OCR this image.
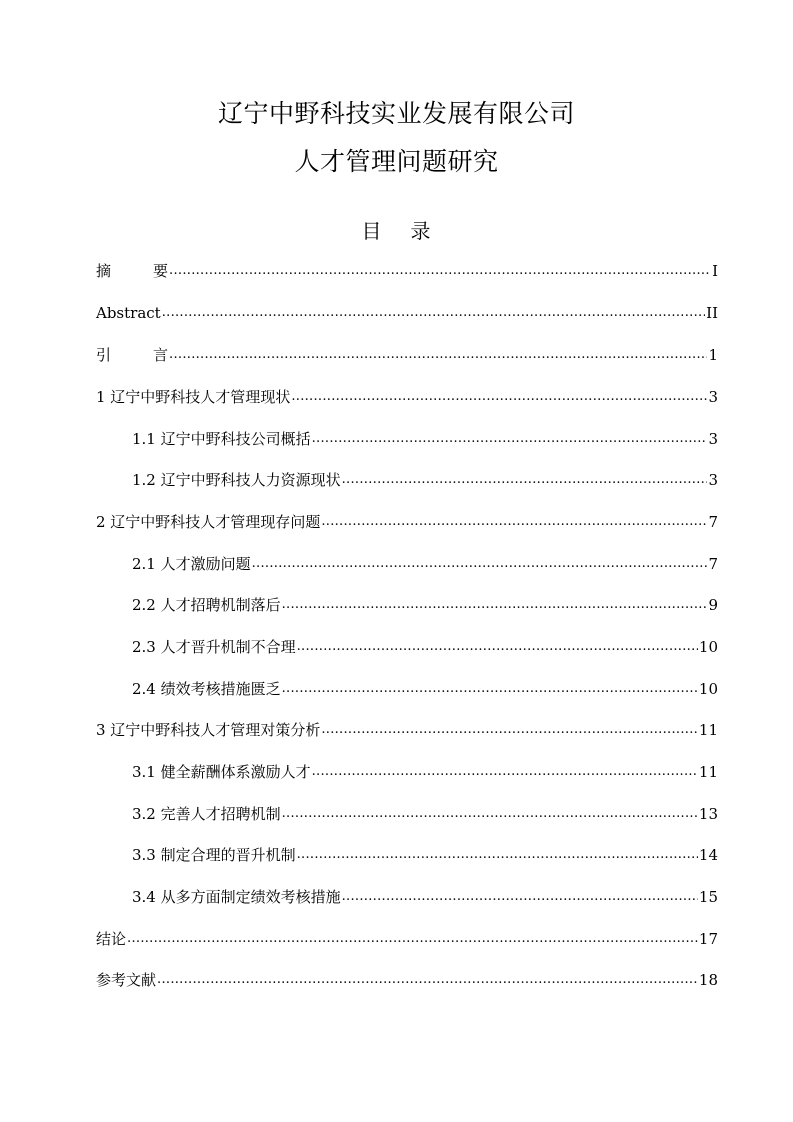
辽宁中野科技实业发展有限公司
人才管理问题研究
目 录
摘	要 .....	I
Abstract .....	II
引	言 .....	1
1 辽宁中野科技人才管理现状 .....	3
1.1 辽宁中野科技公司概括 .....	3
1.2 辽宁中野科技人力资源现状 .....	3
2 辽宁中野科技人才管理现存问题 .....	7
2.1 人才激励问题 .....	7
2.2 人才招聘机制落后 .....	9
2.3 人才晋升机制不合理 .....	10
2.4 绩效考核措施匮乏 .....	10
3 辽宁中野科技人才管理对策分析 .....	11
3.1 健全薪酬体系激励人才 .....	11
3.2 完善人才招聘机制 .....	13
3.3 制定合理的晋升机制 .....	14
3.4 从多方面制定绩效考核措施 .....	15
结论 .....	17
参考文献 .....	18
